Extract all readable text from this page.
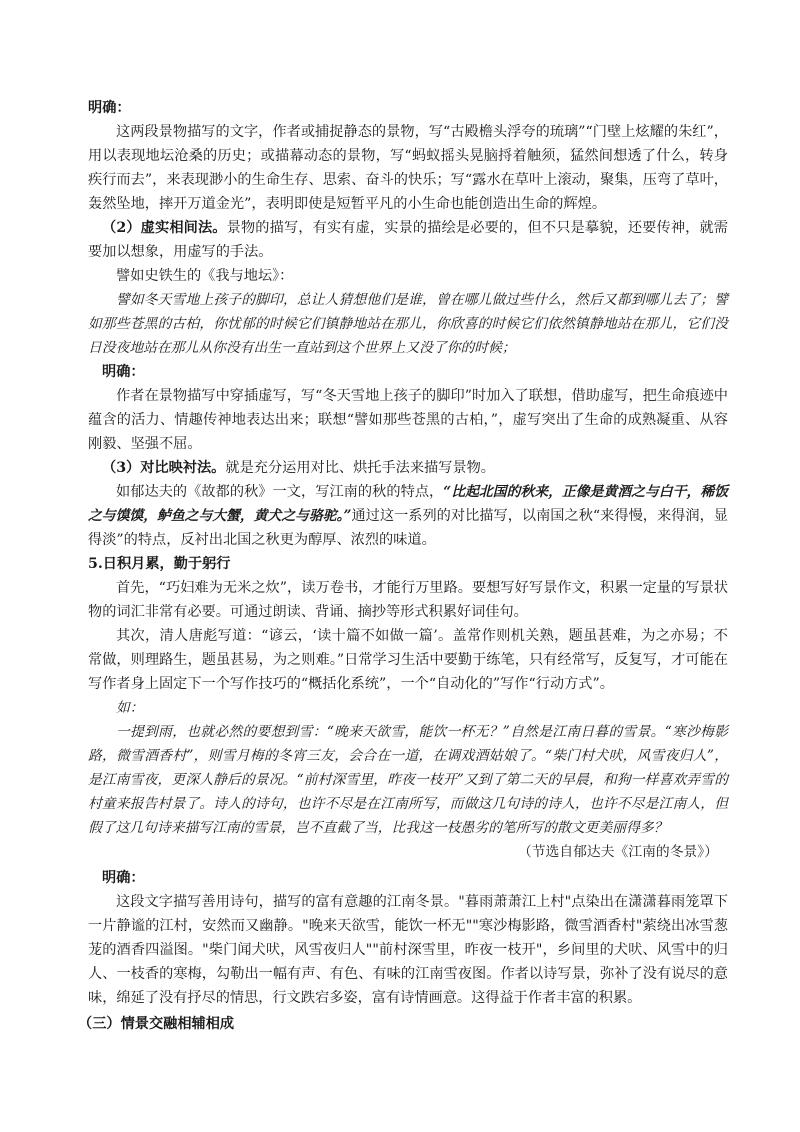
明确：

这两段景物描写的文字，作者或捕捉静态的景物，写“古殿檐头浮夸的琉璃”“门壁上炫耀的朱红”，用以表现地坛沧桑的历史；或描幕动态的景物，写“蚂蚁摇头晃脑捋着触须，猛然间想透了什么，转身疾行而去”，来表现渺小的生命生存、思索、奋斗的快乐；写“露水在草叶上滚动，聚集，压弯了草叶，轰然坠地，摔开万道金光”，表明即使是短暂平凡的小生命也能创造出生命的辉煌。

（2）虚实相间法。景物的描写，有实有虚，实景的描绘是必要的，但不只是摹貌，还要传神，就需要加以想象，用虚写的手法。

譬如史铁生的《我与地坛》：

譬如冬天雪地上孩子的脚印，总让人猜想他们是谁，曾在哪儿做过些什么，然后又都到哪儿去了；譬如那些苍黑的古柏，你忧郁的时候它们镇静地站在那儿，你欣喜的时候它们依然镇静地站在那儿，它们没日没夜地站在那儿从你没有出生一直站到这个世界上又没了你的时候；

明确：

作者在景物描写中穿插虚写，写“冬天雪地上孩子的脚印”时加入了联想，借助虚写，把生命痕迹中蕴含的活力、情趣传神地表达出来；联想“譬如那些苍黑的古柏，”，虚写突出了生命的成熟凝重、从容刚毅、坚强不屈。

（3）对比映衬法。就是充分运用对比、烘托手法来描写景物。

如郁达夫的《故都的秋》一文，写江南的秋的特点，“比起北国的秋来，正像是黄酒之与白干，稀饭之与馍馍，鲈鱼之与大蟹，黄犬之与骆驼。”通过这一系列的对比描写，以南国之秋“来得慢，来得润，显得淡”的特点，反衬出北国之秋更为醇厚、浓烈的味道。

5.日积月累，勤于躬行

首先，“巧妇难为无米之炊”，读万卷书，才能行万里路。要想写好写景作文，积累一定量的写景状物的词汇非常有必要。可通过朗读、背诵、摘抄等形式积累好词佳句。

其次，清人唐彪写道：“谚云，‘读十篇不如做一篇’。盖常作则机关熟，题虽甚难，为之亦易；不常做，则理路生，题虽甚易，为之则难。”日常学习生活中要勤于练笔，只有经常写，反复写，才可能在写作者身上固定下一个写作技巧的“概括化系统”，一个“自动化的”写作“行动方式”。

如：

一提到雨，也就必然的要想到雪：“晚来天欲雪，能饮一杯无？”自然是江南日暮的雪景。“寒沙梅影路，微雪酒香村”，则雪月梅的冬宵三友，会合在一道，在调戏酒姑娘了。“柴门村犬吠，风雪夜归人”，是江南雪夜，更深人静后的景况。“前村深雪里，昨夜一枝开”又到了第二天的早晨，和狗一样喜欢弄雪的村童来报告村景了。诗人的诗句，也许不尽是在江南所写，而做这几句诗的诗人，也许不尽是江南人，但假了这几句诗来描写江南的雪景，岂不直截了当，比我这一枝愚劣的笔所写的散文更美丽得多？

（节选自郁达夫《江南的冬景》）

明确：

这段文字描写善用诗句，描写的富有意趣的江南冬景。"暮雨萧萧江上村"点染出在潇潇暮雨笼罩下一片静谧的江村，安然而又幽静。"晚来天欲雪，能饮一杯无""寒沙梅影路，微雪酒香村"萦绕出冰雪葱茏的酒香四溢图。"柴门闻犬吠，风雪夜归人""前村深雪里，昨夜一枝开"，乡间里的犬吠、风雪中的归人、一枝香的寒梅，勾勒出一幅有声、有色、有味的江南雪夜图。作者以诗写景，弥补了没有说尽的意味，绵延了没有抒尽的情思，行文跌宕多姿，富有诗情画意。这得益于作者丰富的积累。

（三）情景交融相辅相成
